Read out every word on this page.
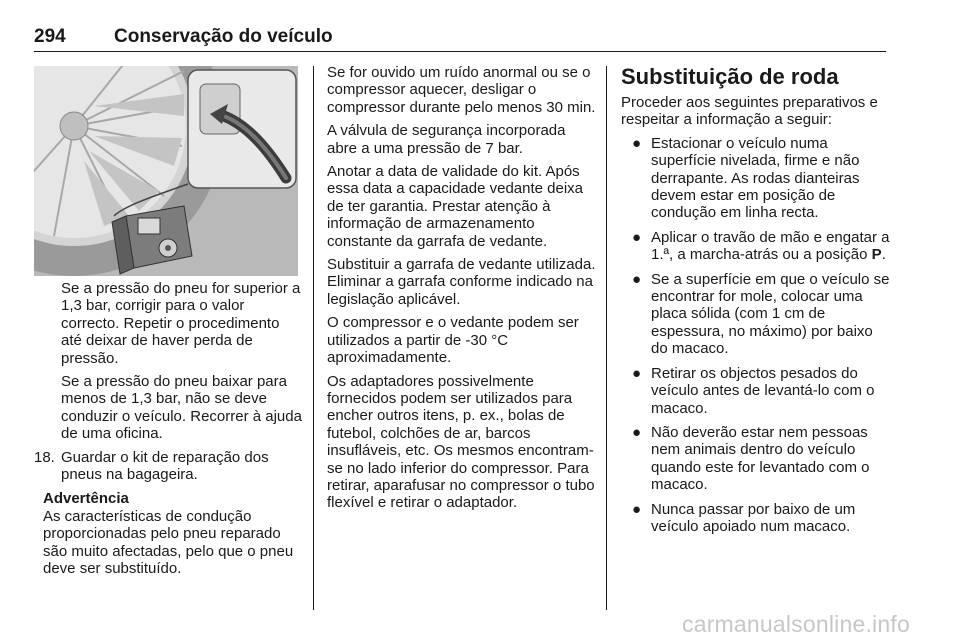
294	Conservação do veículo

Se a pressão do pneu for superior a 1,3 bar, corrigir para o valor correcto. Repetir o procedimento até deixar de haver perda de pressão.

Se a pressão do pneu baixar para menos de 1,3 bar, não se deve conduzir o veículo. Recorrer à ajuda de uma oficina.

18. Guardar o kit de reparação dos pneus na bagageira.
Advertência
As características de condução proporcionadas pelo pneu reparado são muito afectadas, pelo que o pneu deve ser substituído.

Se for ouvido um ruído anormal ou se o compressor aquecer, desligar o compressor durante pelo menos 30 min.

A válvula de segurança incorporada abre a uma pressão de 7 bar.

Anotar a data de validade do kit. Após essa data a capacidade vedante deixa de ter garantia. Prestar atenção à informação de armazenamento constante da garrafa de vedante.

Substituir a garrafa de vedante utilizada. Eliminar a garrafa conforme indicado na legislação aplicável.

O compressor e o vedante podem ser utilizados a partir de -30 °C aproximadamente.

Os adaptadores possivelmente fornecidos podem ser utilizados para encher outros itens, p. ex., bolas de futebol, colchões de ar, barcos insufláveis, etc. Os mesmos encontram-se no lado inferior do compressor. Para retirar, aparafusar no compressor o tubo flexível e retirar o adaptador.

Substituição de roda

Proceder aos seguintes preparativos e respeitar a informação a seguir:

● Estacionar o veículo numa superfície nivelada, firme e não derrapante. As rodas dianteiras devem estar em posição de condução em linha recta.
● Aplicar o travão de mão e engatar a 1.ª, a marcha-atrás ou a posição P.
● Se a superfície em que o veículo se encontrar for mole, colocar uma placa sólida (com 1 cm de espessura, no máximo) por baixo do macaco.
● Retirar os objectos pesados do veículo antes de levantá-lo com o macaco.
● Não deverão estar nem pessoas nem animais dentro do veículo quando este for levantado com o macaco.
● Nunca passar por baixo de um veículo apoiado num macaco.
carmanualsonline.info
